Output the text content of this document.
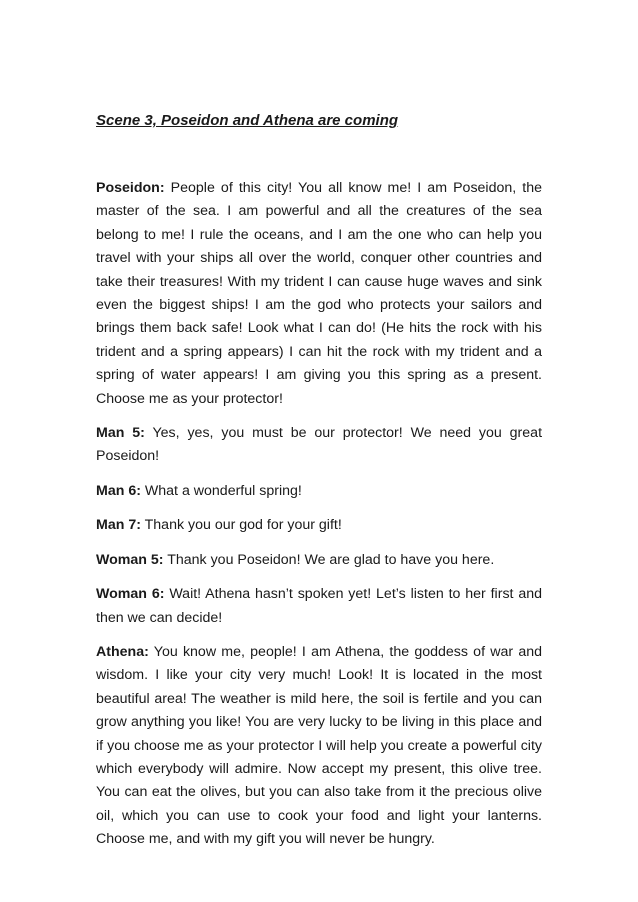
Scene 3, Poseidon and Athena are coming

Poseidon: People of this city! You all know me! I am Poseidon, the master of the sea. I am powerful and all the creatures of the sea belong to me! I rule the oceans, and I am the one who can help you travel with your ships all over the world, conquer other countries and take their treasures! With my trident I can cause huge waves and sink even the biggest ships! I am the god who protects your sailors and brings them back safe! Look what I can do! (He hits the rock with his trident and a spring appears) I can hit the rock with my trident and a spring of water appears! I am giving you this spring as a present. Choose me as your protector!

Man 5: Yes, yes, you must be our protector! We need you great Poseidon!

Man 6: What a wonderful spring!

Man 7: Thank you our god for your gift!

Woman 5: Thank you Poseidon! We are glad to have you here.

Woman 6: Wait! Athena hasn’t spoken yet! Let’s listen to her first and then we can decide!

Athena: You know me, people! I am Athena, the goddess of war and wisdom. I like your city very much! Look! It is located in the most beautiful area! The weather is mild here, the soil is fertile and you can grow anything you like! You are very lucky to be living in this place and if you choose me as your protector I will help you create a powerful city which everybody will admire. Now accept my present, this olive tree. You can eat the olives, but you can also take from it the precious olive oil, which you can use to cook your food and light your lanterns. Choose me, and with my gift you will never be hungry.
